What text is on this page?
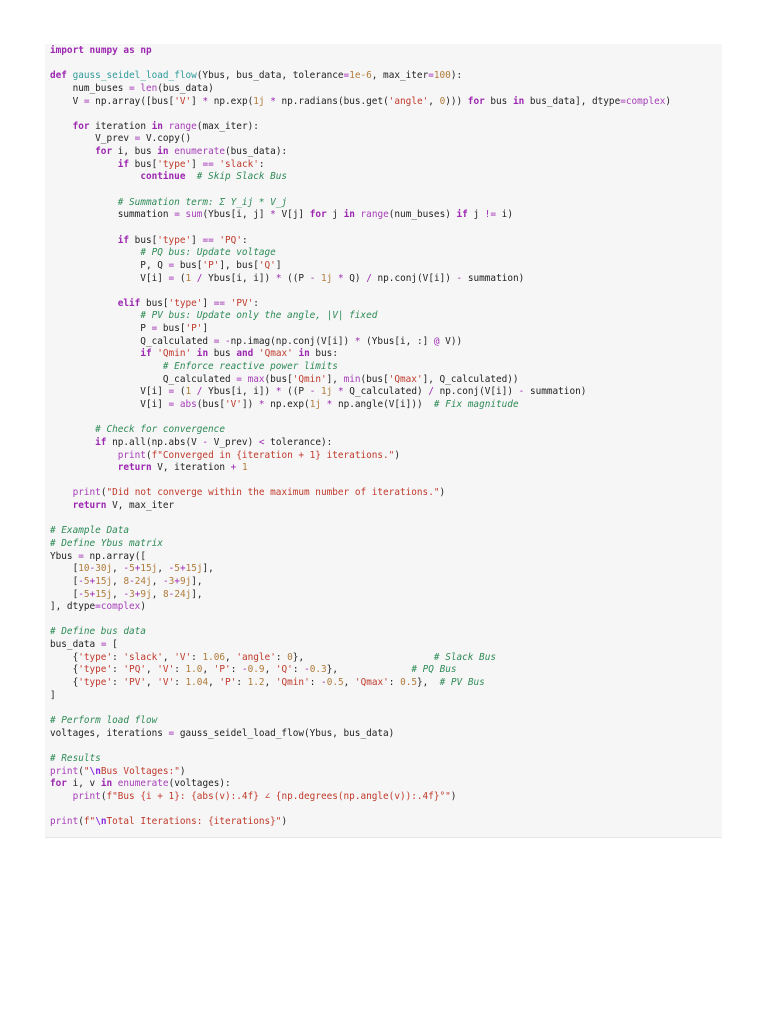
import numpy as np

def gauss_seidel_load_flow(Ybus, bus_data, tolerance=1e-6, max_iter=100):
num_buses = len(bus_data)
V = np.array([bus['V'] * np.exp(1j * np.radians(bus.get('angle', 0))) for bus in bus_data], dtype=complex)

for iteration in range(max_iter):
V_prev = V.copy()
for i, bus in enumerate(bus_data):
if bus['type'] == 'slack':
continue # Skip Slack Bus

# Summation term: Σ Y_ij * V_j
summation = sum(Ybus[i, j] * V[j] for j in range(num_buses) if j != i)

if bus['type'] == 'PQ':
# PQ bus: Update voltage
P, Q = bus['P'], bus['Q']
V[i] = (1 / Ybus[i, i]) * ((P - 1j * Q) / np.conj(V[i]) - summation)

elif bus['type'] == 'PV':
# PV bus: Update only the angle, |V| fixed
P = bus['P']
Q_calculated = -np.imag(np.conj(V[i]) * (Ybus[i, :] @ V))
if 'Qmin' in bus and 'Qmax' in bus:
# Enforce reactive power limits
Q_calculated = max(bus['Qmin'], min(bus['Qmax'], Q_calculated))
V[i] = (1 / Ybus[i, i]) * ((P - 1j * Q_calculated) / np.conj(V[i]) - summation)
V[i] = abs(bus['V']) * np.exp(1j * np.angle(V[i]))  # Fix magnitude

# Check for convergence
if np.all(np.abs(V - V_prev) < tolerance):
print(f"Converged in {iteration + 1} iterations.")
return V, iteration + 1

print("Did not converge within the maximum number of iterations.")
return V, max_iter

# Example Data
# Define Ybus matrix
Ybus = np.array([
[10-30j, -5+15j, -5+15j],
[-5+15j, 8-24j, -3+9j],
[-5+15j, -3+9j, 8-24j],
], dtype=complex)

# Define bus data
bus_data = [
{'type': 'slack', 'V': 1.06, 'angle': 0},                       # Slack Bus
{'type': 'PQ', 'V': 1.0, 'P': -0.9, 'Q': -0.3},             # PQ Bus
{'type': 'PV', 'V': 1.04, 'P': 1.2, 'Qmin': -0.5, 'Qmax': 0.5},  # PV Bus
]

# Perform load flow
voltages, iterations = gauss_seidel_load_flow(Ybus, bus_data)

# Results
print("\nBus Voltages:")
for i, v in enumerate(voltages):
print(f"Bus {i + 1}: {abs(v):.4f} ∠ {np.degrees(np.angle(v)):.4f}°")

print(f"\nTotal Iterations: {iterations}")
